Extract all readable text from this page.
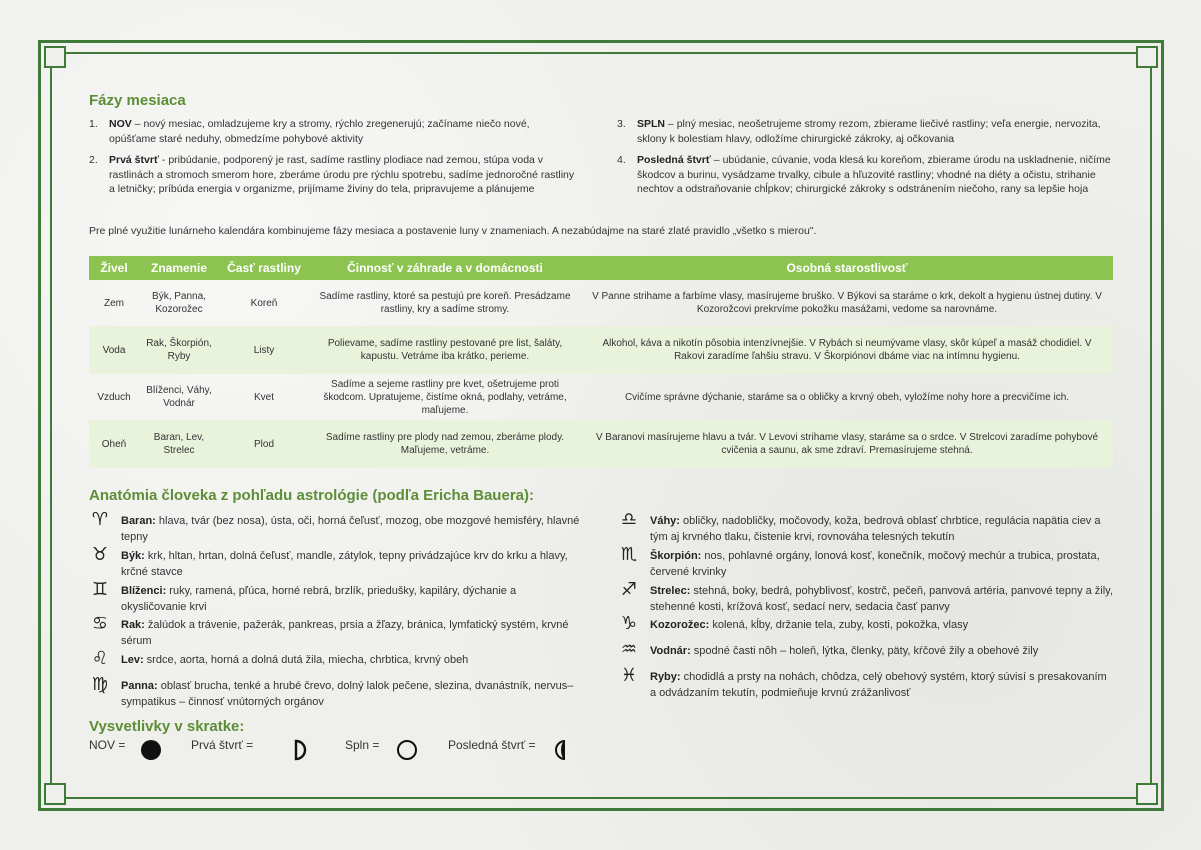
Fázy mesiaca
1. NOV – nový mesiac, omladzujeme kry a stromy, rýchlo zregenerujú; začíname niečo nové, opúšťame staré neduhy, obmedzíme pohybové aktivity
2. Prvá štvrť - pribúdanie, podporený je rast, sadíme rastliny plodiace nad zemou, stúpa voda v rastlinách a stromoch smerom hore, zberáme úrodu pre rýchlu spotrebu, sadíme jednoročné rastliny a letničky; príbúda energia v organizme, prijímame živiny do tela, pripravujeme a plánujeme
3. SPLN – plný mesiac, neošetrujeme stromy rezom, zbierame liečivé rastliny; veľa energie, nervozita, sklony k bolestiam hlavy, odložíme chirurgické zákroky, aj očkovania
4. Posledná štvrť – ubúdanie, cúvanie, voda klesá ku koreňom, zbierame úrodu na uskladnenie, ničíme škodcov a burinu, vysádzame trvalky, cibule a hľuzovité rastliny; vhodné na diéty a očistu, strihanie nechtov a odstraňovanie chĺpkov; chirurgické zákroky s odstránením niečoho, rany sa lepšie hoja
Pre plné využitie lunárneho kalendára kombinujeme fázy mesiaca a postavenie luny v znameniach. A nezabúdajme na staré zlaté pravidlo „všetko s mierou".
Živel	Znamenie	Časť rastliny	Činnosť v záhrade a v domácnosti	Osobná starostlivosť
Zem	Býk, Panna, Kozorožec	Koreň	Sadíme rastliny, ktoré sa pestujú pre koreň. Presádzame rastliny, kry a sadíme stromy.	V Panne strihame a farbíme vlasy, masírujeme bruško. V Býkovi sa staráme o krk, dekolt a hygienu ústnej dutiny. V Kozorožcovi prekrvíme pokožku masážami, vedome sa narovnáme.
Voda	Rak, Škorpión, Ryby	Listy	Polievame, sadíme rastliny pestované pre list, šaláty, kapustu. Vetráme iba krátko, perieme.	Alkohol, káva a nikotín pôsobia intenzívnejšie. V Rybách si neumývame vlasy, skôr kúpeľ a masáž chodidiel. V Rakovi zaradíme ľahšiu stravu. V Škorpiónovi dbáme viac na intímnu hygienu.
Vzduch	Blíženci, Váhy, Vodnár	Kvet	Sadíme a sejeme rastliny pre kvet, ošetrujeme proti škodcom. Upratujeme, čistíme okná, podlahy, vetráme, maľujeme.	Cvičíme správne dýchanie, staráme sa o obličky a krvný obeh, vyložíme nohy hore a precvičíme ich.
Oheň	Baran, Lev, Strelec	Plod	Sadíme rastliny pre plody nad zemou, zberáme plody. Maľujeme, vetráme.	V Baranovi masírujeme hlavu a tvár. V Levovi strihame vlasy, staráme sa o srdce. V Strelcovi zaradíme pohybové cvičenia a saunu, ak sme zdraví. Premasírujeme stehná.
Anatómia človeka z pohľadu astrológie (podľa Ericha Bauera):
♈ Baran: hlava, tvár (bez nosa), ústa, oči, horná čeľusť, mozog, obe mozgové hemisféry, hlavné tepny
♉ Býk: krk, hltan, hrtan, dolná čeľusť, mandle, zátylok, tepny privádzajúce krv do krku a hlavy, krčné stavce
♊ Blíženci: ruky, ramená, pľúca, horné rebrá, brzlík, priedušky, kapiláry, dýchanie a okysličovanie krvi
♋ Rak: žalúdok a trávenie, pažerák, pankreas, prsia a žľazy, bránica, lymfatický systém, krvné sérum
♌ Lev: srdce, aorta, horná a dolná dutá žila, miecha, chrbtica, krvný obeh
♍ Panna: oblasť brucha, tenké a hrubé črevo, dolný lalok pečene, slezina, dvanástník, nervus–sympatikus – činnosť vnútorných orgánov
♎ Váhy: obličky, nadobličky, močovody, koža, bedrová oblasť chrbtice, regulácia napätia ciev a tým aj krvného tlaku, čistenie krvi, rovnováha telesných tekutín
♏ Škorpión: nos, pohlavné orgány, lonová kosť, konečník, močový mechúr a trubica, prostata, červené krvinky
♐ Strelec: stehná, boky, bedrá, pohyblivosť, kostrč, pečeň, panvová artéria, panvové tepny a žily, stehenné kosti, krížová kosť, sedací nerv, sedacia časť panvy
♑ Kozorožec: kolená, kĺby, držanie tela, zuby, kosti, pokožka, vlasy
♒ Vodnár: spodné časti nôh – holeň, lýtka, členky, päty, kŕčové žily a obehové žily
♓ Ryby: chodidlá a prsty na nohách, chôdza, celý obehový systém, ktorý súvisí s presakovaním a odvádzaním tekutín, podmieňuje krvnú zrážanlivosť
Vysvetlivky v skratke:
NOV =	Prvá štvrť =	Spln =	Posledná štvrť =
